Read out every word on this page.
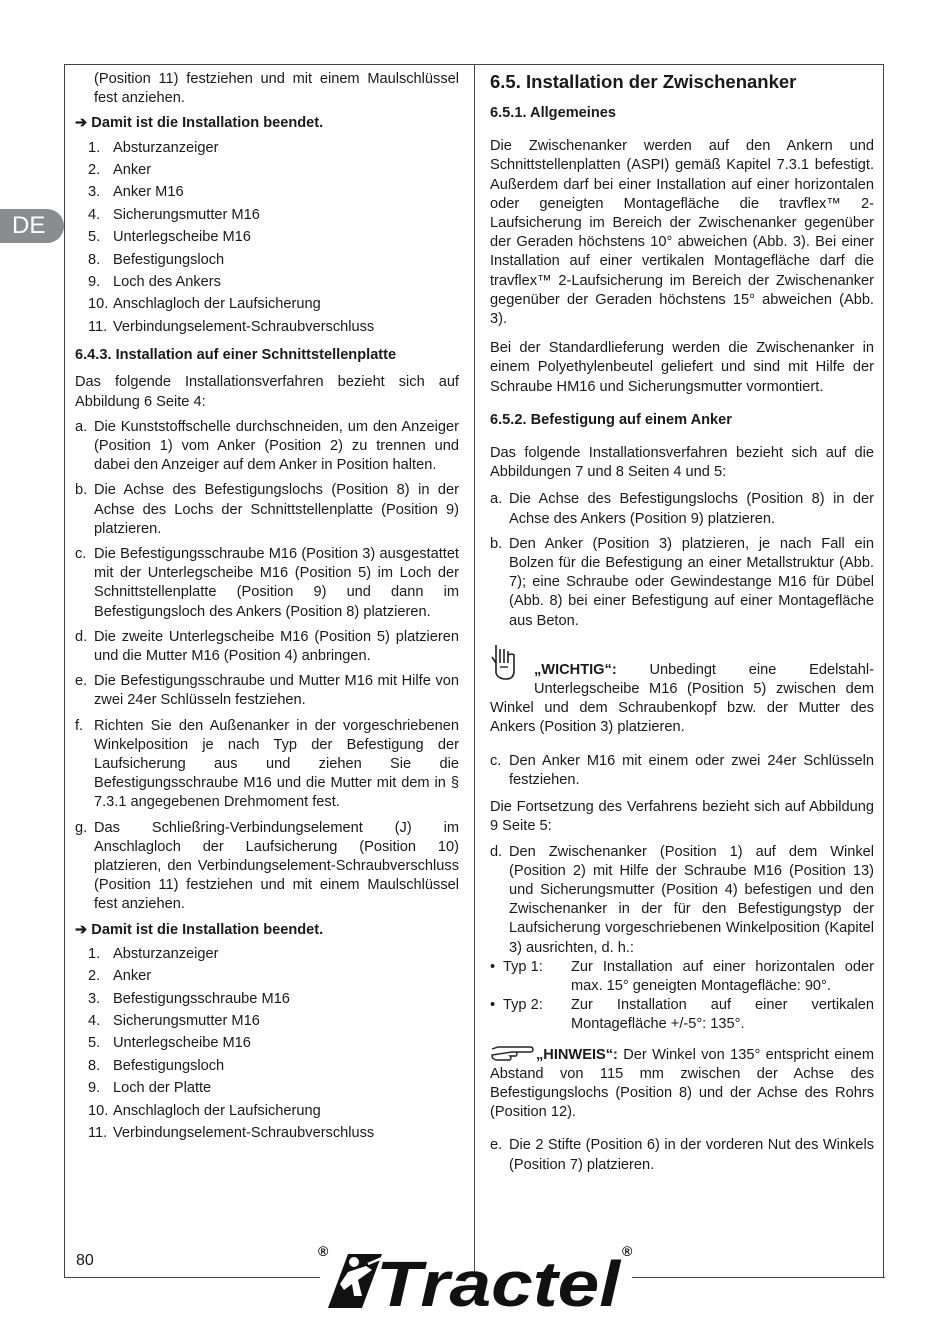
DE

(Position 11) festziehen und mit einem Maulschlüssel fest anziehen.

➔ Damit ist die Installation beendet.
1. Absturzanzeiger
2. Anker
3. Anker M16
4. Sicherungsmutter M16
5. Unterlegscheibe M16
8. Befestigungsloch
9. Loch des Ankers
10. Anschlagloch der Laufsicherung
11. Verbindungselement-Schraubverschluss
6.4.3. Installation auf einer Schnittstellenplatte

Das folgende Installationsverfahren bezieht sich auf Abbildung 6 Seite 4:

a. Die Kunststoffschelle durchschneiden, um den Anzeiger (Position 1) vom Anker (Position 2) zu trennen und dabei den Anzeiger auf dem Anker in Position halten.
b. Die Achse des Befestigungslochs (Position 8) in der Achse des Lochs der Schnittstellenplatte (Position 9) platzieren.
c. Die Befestigungsschraube M16 (Position 3) ausgestattet mit der Unterlegscheibe M16 (Position 5) im Loch der Schnittstellenplatte (Position 9) und dann im Befestigungsloch des Ankers (Position 8) platzieren.
d. Die zweite Unterlegscheibe M16 (Position 5) platzieren und die Mutter M16 (Position 4) anbringen.
e. Die Befestigungsschraube und Mutter M16 mit Hilfe von zwei 24er Schlüsseln festziehen.
f. Richten Sie den Außenanker in der vorgeschriebenen Winkelposition je nach Typ der Befestigung der Laufsicherung aus und ziehen Sie die Befestigungsschraube M16 und die Mutter mit dem in § 7.3.1 angegebenen Drehmoment fest.
g. Das Schließring-Verbindungselement (J) im Anschlagloch der Laufsicherung (Position 10) platzieren, den Verbindungselement-Schraubverschluss (Position 11) festziehen und mit einem Maulschlüssel fest anziehen.
➔ Damit ist die Installation beendet.
1. Absturzanzeiger
2. Anker
3. Befestigungsschraube M16
4. Sicherungsmutter M16
5. Unterlegscheibe M16
8. Befestigungsloch
9. Loch der Platte
10. Anschlagloch der Laufsicherung
11. Verbindungselement-Schraubverschluss
6.5. Installation der Zwischenanker
6.5.1. Allgemeines

Die Zwischenanker werden auf den Ankern und Schnittstellenplatten (ASPI) gemäß Kapitel 7.3.1 befestigt. Außerdem darf bei einer Installation auf einer horizontalen oder geneigten Montagefläche die travflex™ 2-Laufsicherung im Bereich der Zwischenanker gegenüber der Geraden höchstens 10° abweichen (Abb. 3). Bei einer Installation auf einer vertikalen Montagefläche darf die travflex™ 2-Laufsicherung im Bereich der Zwischenanker gegenüber der Geraden höchstens 15° abweichen (Abb. 3).

Bei der Standardlieferung werden die Zwischenanker in einem Polyethylenbeutel geliefert und sind mit Hilfe der Schraube HM16 und Sicherungsmutter vormontiert.

6.5.2. Befestigung auf einem Anker

Das folgende Installationsverfahren bezieht sich auf die Abbildungen 7 und 8 Seiten 4 und 5:

a. Die Achse des Befestigungslochs (Position 8) in der Achse des Ankers (Position 9) platzieren.
b. Den Anker (Position 3) platzieren, je nach Fall ein Bolzen für die Befestigung an einer Metallstruktur (Abb. 7); eine Schraube oder Gewindestange M16 für Dübel (Abb. 8) bei einer Befestigung auf einer Montagefläche aus Beton.

„WICHTIG“: Unbedingt eine Edelstahl-Unterlegscheibe M16 (Position 5) zwischen dem Winkel und dem Schraubenkopf bzw. der Mutter des Ankers (Position 3) platzieren.

c. Den Anker M16 mit einem oder zwei 24er Schlüsseln festziehen.

Die Fortsetzung des Verfahrens bezieht sich auf Abbildung 9 Seite 5:

d. Den Zwischenanker (Position 1) auf dem Winkel (Position 2) mit Hilfe der Schraube M16 (Position 13) und Sicherungsmutter (Position 4) befestigen und den Zwischenanker in der für den Befestigungstyp der Laufsicherung vorgeschriebenen Winkelposition (Kapitel 3) ausrichten, d. h.:
• Typ 1: Zur Installation auf einer horizontalen oder max. 15° geneigten Montagefläche: 90°.
• Typ 2: Zur Installation auf einer vertikalen Montagefläche +/-5°: 135°.

„HINWEIS“: Der Winkel von 135° entspricht einem Abstand von 115 mm zwischen der Achse des Befestigungslochs (Position 8) und der Achse des Rohrs (Position 12).

e. Die 2 Stifte (Position 6) in der vorderen Nut des Winkels (Position 7) platzieren.
80
® Tractel ®
